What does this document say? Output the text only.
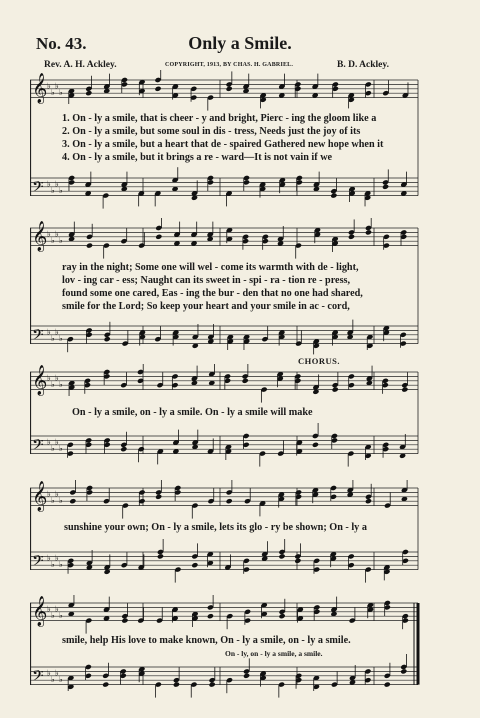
No. 43.	Only a Smile.
Rev. A. H. Ackley.	COPYRIGHT, 1913, BY CHAS. H. GABRIEL.	B. D. Ackley.
𝄞 ♭
♭
♭
♭
𝄢 ♭
♭
♭
♭
1. On - ly a smile, that is cheer - y and bright, Pierc - ing the gloom like a
2. On - ly a smile, but some soul in dis - tress, Needs just the joy of its
3. On - ly a smile, but a heart that de - spaired Gathered new hope when it
4. On - ly a smile, but it brings a re - ward—It is not vain if we
𝄞 ♭
♭
♭
♭
𝄢 ♭
♭
♭
♭
ray in the night; Some one will wel - come its warmth with de - light,
lov - ing car - ess; Naught can its sweet in - spi - ra - tion re - press,
found some one cared, Eas - ing the bur - den that no one had shared,
smile for the Lord; So keep your heart and your smile in ac - cord,
CHORUS.
𝄞 ♭
♭
♭
♭
𝄢 ♭
♭
♭
♭
On - ly a smile, on - ly a smile. On - ly a smile will make
𝄞 ♭
♭
♭
♭
𝄢 ♭
♭
♭
♭
sunshine your own; On - ly a smile, lets its glo - ry be shown; On - ly a
𝄞 ♭
♭
♭
♭
𝄢 ♭
♭
♭
♭
smile, help His love to make known, On - ly a smile, on - ly a smile.
On - ly, on - ly a smile, a smile.
